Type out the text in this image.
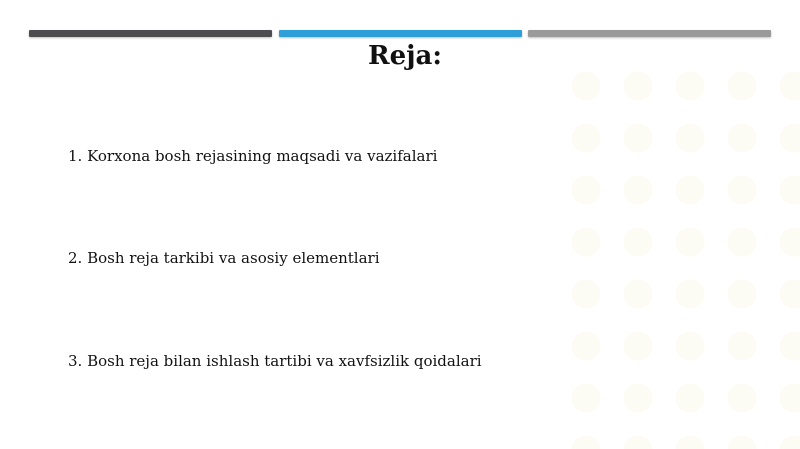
Reja:
1. Korxona bosh rejasining maqsadi va vazifalari
2. Bosh reja tarkibi va asosiy elementlari
3. Bosh reja bilan ishlash tartibi va xavfsizlik qoidalari
